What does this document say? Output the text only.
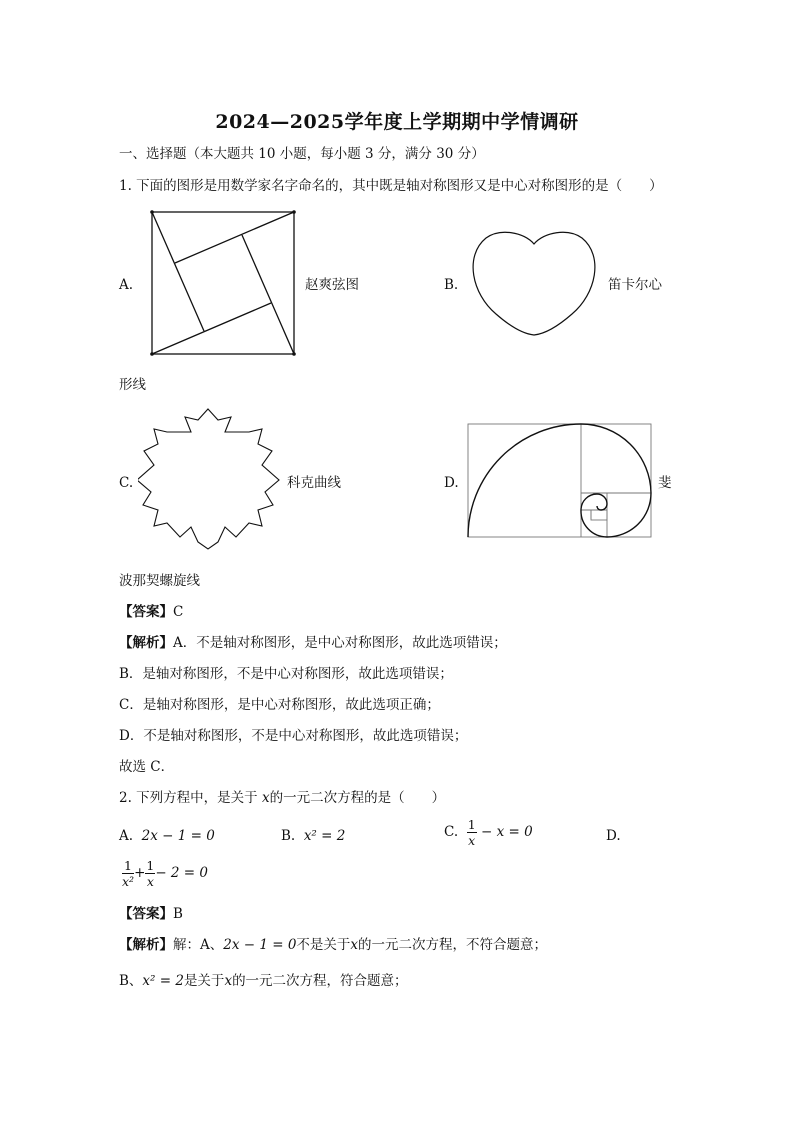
2024—2025学年度上学期期中学情调研
一、选择题（本大题共 10 小题，每小题 3 分，满分 30 分）
1. 下面的图形是用数学家名字命名的，其中既是轴对称图形又是中心对称图形的是（　　）
A.	赵爽弦图	B.	笛卡尔心
形线
C.	科克曲线	D.	斐
波那契螺旋线
【答案】C
【解析】A．不是轴对称图形，是中心对称图形，故此选项错误；
B．是轴对称图形，不是中心对称图形，故此选项错误；
C．是轴对称图形，是中心对称图形，故此选项正确；
D．不是轴对称图形，不是中心对称图形，故此选项错误；
故选 C．
2. 下列方程中，是关于 x的一元二次方程的是（　　）
A. 2x − 1 = 0	B. x² = 2	C. $\frac{1}{x} - x = 0$	D.
$\frac{1}{\text{x²}} + \frac{1}{x} - 2 = 0$
【答案】B
【解析】解：A、2x − 1 = 0不是关于x的一元二次方程，不符合题意；
B、x² = 2是关于x的一元二次方程，符合题意；
